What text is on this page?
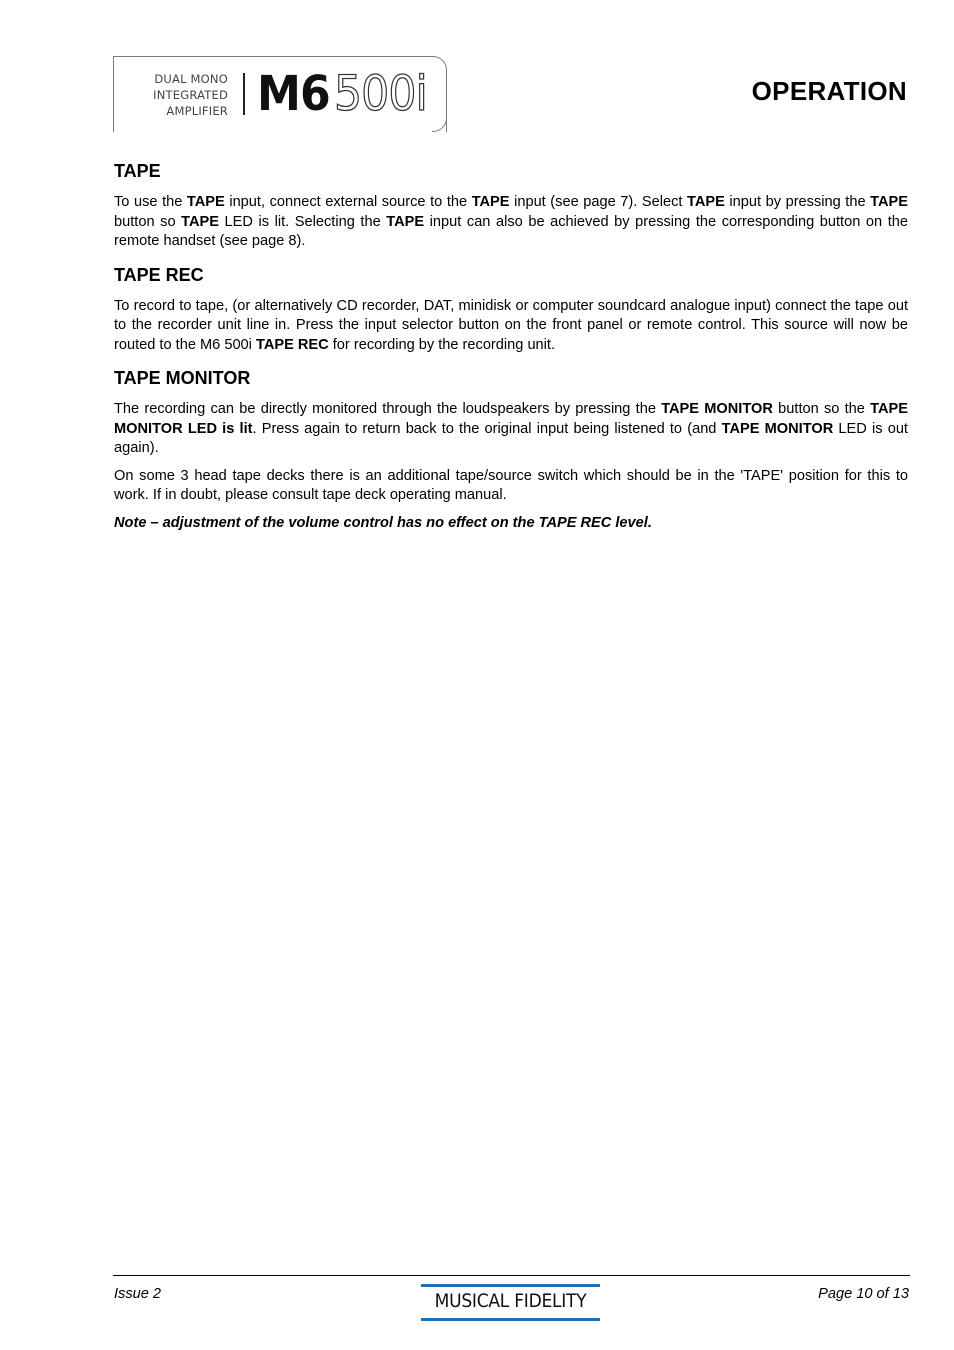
DUAL MONO
INTEGRATED
AMPLIFIER M6 500i	OPERATION
TAPE

To use the TAPE input, connect external source to the TAPE input (see page 7). Select TAPE input by pressing the TAPE button so TAPE LED is lit. Selecting the TAPE input can also be achieved by pressing the corresponding button on the remote handset (see page 8).

TAPE REC

To record to tape, (or alternatively CD recorder, DAT, minidisk or computer soundcard analogue input) connect the tape out to the recorder unit line in. Press the input selector button on the front panel or remote control. This source will now be routed to the M6 500i TAPE REC for recording by the recording unit.

TAPE MONITOR

The recording can be directly monitored through the loudspeakers by pressing the TAPE MONITOR button so the TAPE MONITOR LED is lit. Press again to return back to the original input being listened to (and TAPE MONITOR LED is out again).

On some 3 head tape decks there is an additional tape/source switch which should be in the 'TAPE' position for this to work. If in doubt, please consult tape deck operating manual.

Note – adjustment of the volume control has no effect on the TAPE REC level.

Issue 2	MUSICAL FIDELITY	Page 10 of 13
